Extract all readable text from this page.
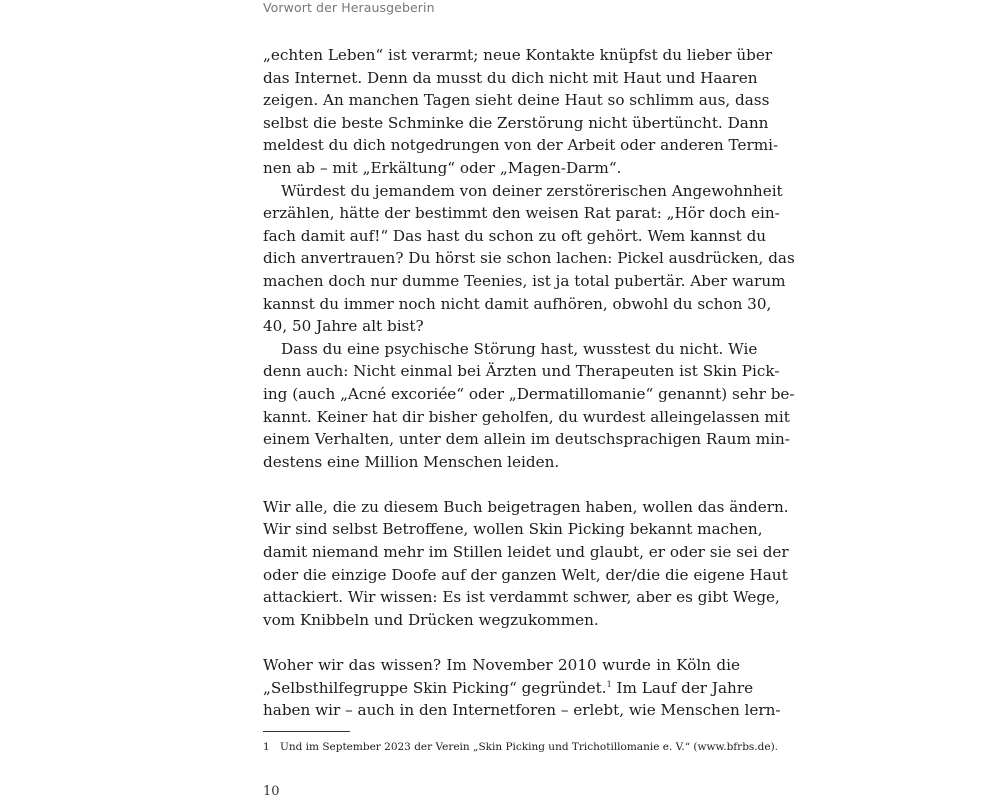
Vorwort der Herausgeberin
„echten Leben“ ist verarmt; neue Kontakte knüpfst du lieber über
das Internet. Denn da musst du dich nicht mit Haut und Haaren
zeigen. An manchen Tagen sieht deine Haut so schlimm aus, dass
selbst die beste Schminke die Zerstörung nicht übertüncht. Dann
meldest du dich notgedrungen von der Arbeit oder anderen Termi-
nen ab – mit „Erkältung“ oder „Magen-Darm“.
Würdest du jemandem von deiner zerstörerischen Angewohnheit
erzählen, hätte der bestimmt den weisen Rat parat: „Hör doch ein-
fach damit auf!“ Das hast du schon zu oft gehört. Wem kannst du
dich anvertrauen? Du hörst sie schon lachen: Pickel ausdrücken, das
machen doch nur dumme Teenies, ist ja total pubertär. Aber warum
kannst du immer noch nicht damit aufhören, obwohl du schon 30,
40, 50 Jahre alt bist?
Dass du eine psychische Störung hast, wusstest du nicht. Wie
denn auch: Nicht einmal bei Ärzten und Therapeuten ist Skin Pick-
ing (auch „Acné excoriée“ oder „Dermatillomanie“ genannt) sehr be-
kannt. Keiner hat dir bisher geholfen, du wurdest alleingelassen mit
einem Verhalten, unter dem allein im deutschsprachigen Raum min-
destens eine Million Menschen leiden.
Wir alle, die zu diesem Buch beigetragen haben, wollen das ändern.
Wir sind selbst Betroffene, wollen Skin Picking bekannt machen,
damit niemand mehr im Stillen leidet und glaubt, er oder sie sei der
oder die einzige Doofe auf der ganzen Welt, der/die die eigene Haut
attackiert. Wir wissen: Es ist verdammt schwer, aber es gibt Wege,
vom Knibbeln und Drücken wegzukommen.
Woher wir das wissen? Im November 2010 wurde in Köln die
„Selbsthilfegruppe Skin Picking“ gegründet.$^1$ Im Lauf der Jahre
haben wir – auch in den Internetforen – erlebt, wie Menschen lern-
1 Und im September 2023 der Verein „Skin Picking und Trichotillomanie e. V.“ (www.bfrbs.de).
10
